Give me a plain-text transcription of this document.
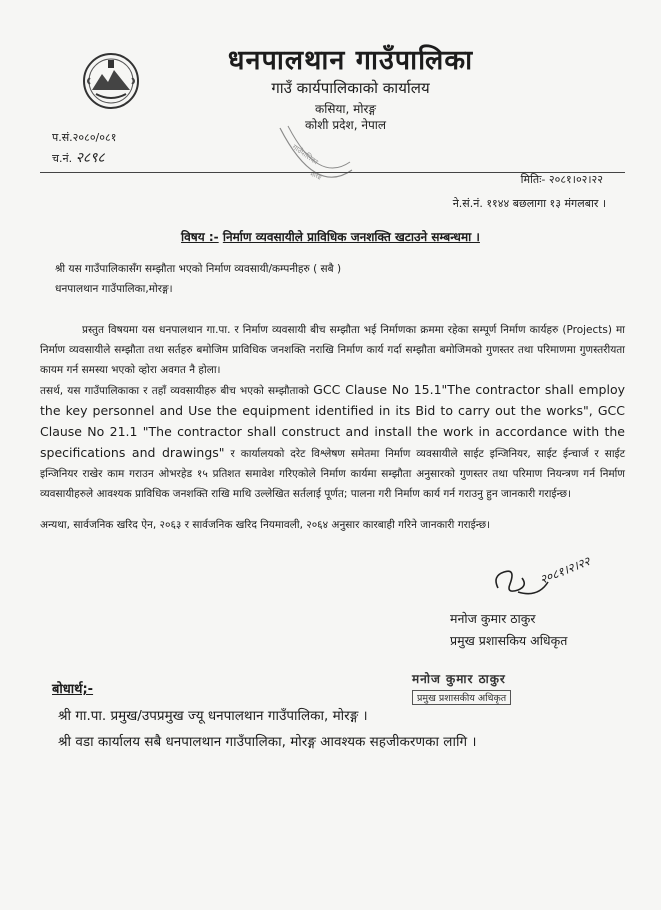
धनपालथान गाउँपालिका
गाउँ कार्यपालिकाको कार्यालय
कसिया, मोरङ्ग
कोशी प्रदेश, नेपाल
प.सं.२०८०/०८१
च.नं. २८९८	गाउँपालिका
मोरङ्ग	मितिः- २०८१।०२।२२
ने.सं.नं. ११४४ बछलागा १३ मंगलबार ।
विषय :- निर्माण व्यवसायीले प्राविधिक जनशक्ति खटाउने सम्बन्धमा ।
श्री यस गाउँपालिकासँग सम्झौता भएको निर्माण व्यवसायी/कम्पनीहरु ( सबै )
धनपालथान गाउँपालिका,मोरङ्ग।
प्रस्तुत विषयमा यस धनपालथान गा.पा. र निर्माण व्यवसायी बीच सम्झौता भई निर्माणका क्रममा रहेका सम्पूर्ण निर्माण कार्यहरु (Projects) मा निर्माण व्यवसायीले सम्झौता तथा सर्तहरु बमोजिम प्राविधिक जनशक्ति नराखि निर्माण कार्य गर्दा सम्झौता बमोजिमको गुणस्तर तथा परिमाणमा गुणस्तरीयता कायम गर्न समस्या भएको व्होरा अवगत नै होला।
तसर्थ, यस गाउँपालिकाका र तहाँ व्यवसायीहरु बीच भएको सम्झौताको GCC Clause No 15.1"The contractor shall employ the key personnel and Use the equipment identified in its Bid to carry out the works", GCC Clause No 21.1 "The contractor shall construct and install the work in accordance with the specifications and drawings" र कार्यालयको दरेट विश्लेषण समेतमा निर्माण व्यवसायीले साईट इन्जिनियर, साईट ईन्चार्ज र साईट इन्जिनियर राखेर काम गराउन ओभरहेड १५ प्रतिशत समावेश गरिएकोले निर्माण कार्यमा सम्झौता अनुसारको गुणस्तर तथा परिमाण नियन्त्रण गर्न निर्माण व्यवसायीहरुले आवश्यक प्राविधिक जनशक्ति राखि माथि उल्लेखित सर्तलाई पूर्णत; पालना गरी निर्माण कार्य गर्न गराउनु हुन जानकारी गराईन्छ।
अन्यथा, सार्वजनिक खरिद ऐन, २०६३ र सार्वजनिक खरिद नियमावली, २०६४ अनुसार कारबाही गरिने जानकारी गराईन्छ।
२०८१।२।२२
मनोज कुमार ठाकुर
प्रमुख प्रशासकिय अधिकृत
मनोज कुमार ठाकुर
प्रमुख प्रशासकीय अधिकृत
बोधार्थ;-
श्री गा.पा. प्रमुख/उपप्रमुख ज्यू धनपालथान गाउँपालिका, मोरङ्ग ।
श्री वडा कार्यालय सबै धनपालथान गाउँपालिका, मोरङ्ग आवश्यक सहजीकरणका लागि ।
